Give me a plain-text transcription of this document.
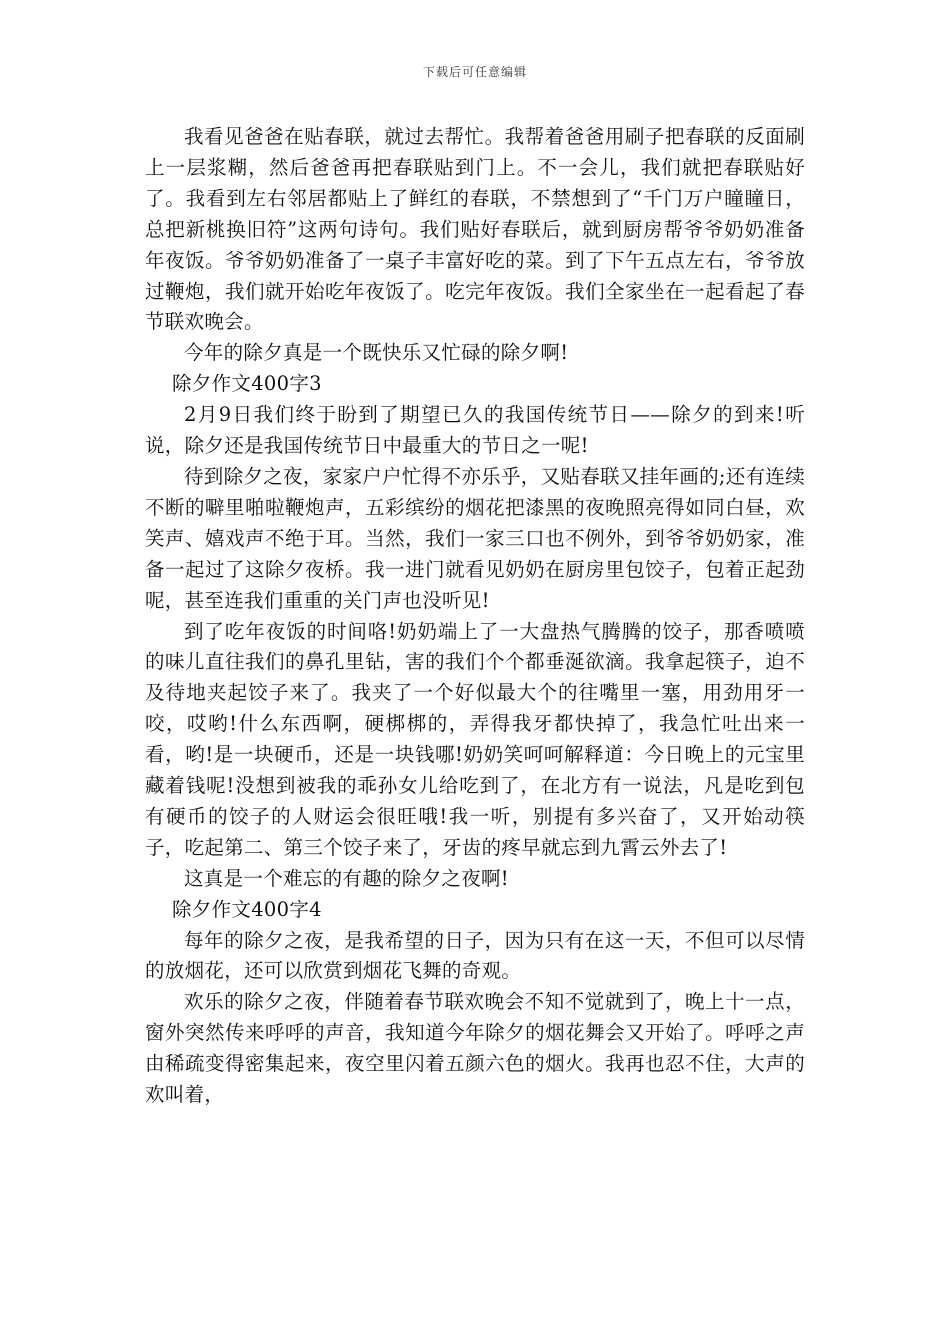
下载后可任意编辑

我看见爸爸在贴春联，就过去帮忙。我帮着爸爸用刷子把春联的反面刷上一层浆糊，然后爸爸再把春联贴到门上。不一会儿，我们就把春联贴好了。我看到左右邻居都贴上了鲜红的春联，不禁想到了“千门万户瞳瞳日，总把新桃换旧符”这两句诗句。我们贴好春联后，就到厨房帮爷爷奶奶准备年夜饭。爷爷奶奶准备了一桌子丰富好吃的菜。到了下午五点左右，爷爷放过鞭炮，我们就开始吃年夜饭了。吃完年夜饭。我们全家坐在一起看起了春节联欢晚会。

今年的除夕真是一个既快乐又忙碌的除夕啊!

除夕作文400字3

2月9日我们终于盼到了期望已久的我国传统节日——除夕的到来!听说，除夕还是我国传统节日中最重大的节日之一呢!

待到除夕之夜，家家户户忙得不亦乐乎，又贴春联又挂年画的;还有连续不断的噼里啪啦鞭炮声，五彩缤纷的烟花把漆黑的夜晚照亮得如同白昼，欢笑声、嬉戏声不绝于耳。当然，我们一家三口也不例外，到爷爷奶奶家，准备一起过了这除夕夜桥。我一进门就看见奶奶在厨房里包饺子，包着正起劲呢，甚至连我们重重的关门声也没听见!

到了吃年夜饭的时间咯!奶奶端上了一大盘热气腾腾的饺子，那香喷喷的味儿直往我们的鼻孔里钻，害的我们个个都垂涎欲滴。我拿起筷子，迫不及待地夹起饺子来了。我夹了一个好似最大个的往嘴里一塞，用劲用牙一咬，哎哟!什么东西啊，硬梆梆的，弄得我牙都快掉了，我急忙吐出来一看，哟!是一块硬币，还是一块钱哪!奶奶笑呵呵解释道：今日晚上的元宝里藏着钱呢!没想到被我的乖孙女儿给吃到了，在北方有一说法，凡是吃到包有硬币的饺子的人财运会很旺哦!我一听，别提有多兴奋了，又开始动筷子，吃起第二、第三个饺子来了，牙齿的疼早就忘到九霄云外去了!

这真是一个难忘的有趣的除夕之夜啊!

除夕作文400字4

每年的除夕之夜，是我希望的日子，因为只有在这一天，不但可以尽情的放烟花，还可以欣赏到烟花飞舞的奇观。

欢乐的除夕之夜，伴随着春节联欢晚会不知不觉就到了，晚上十一点，窗外突然传来呼呼的声音，我知道今年除夕的烟花舞会又开始了。呼呼之声由稀疏变得密集起来，夜空里闪着五颜六色的烟火。我再也忍不住，大声的欢叫着，
